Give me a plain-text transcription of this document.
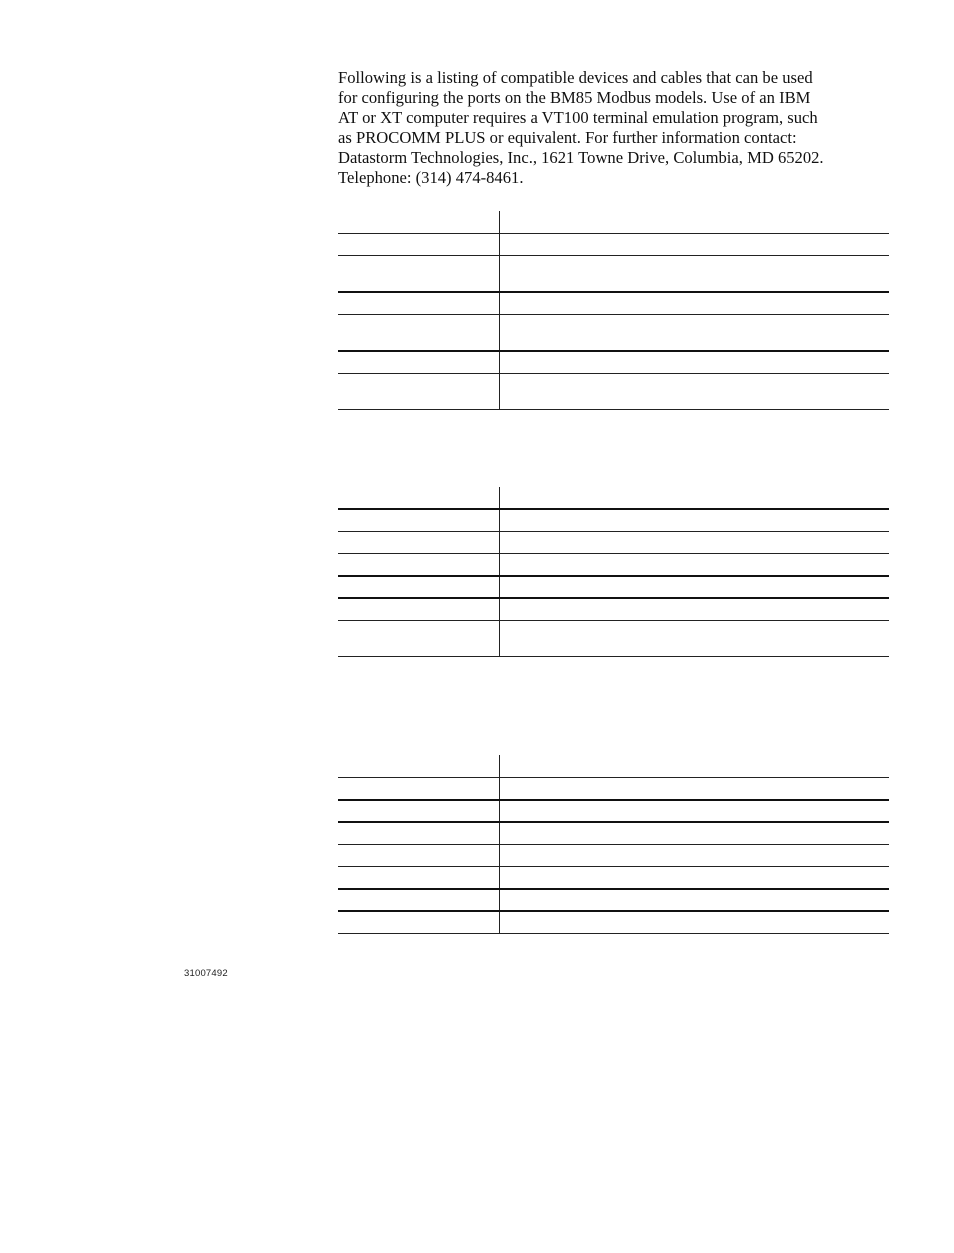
Following is a listing of compatible devices and cables that can be used
for configuring the ports on the BM85 Modbus models. Use of an IBM
AT or XT computer requires a VT100 terminal emulation program, such
as PROCOMM PLUS or equivalent. For further information contact:
Datastorm Technologies, Inc., 1621 Towne Drive, Columbia, MD 65202.
Telephone: (314) 474-8461.

31007492
